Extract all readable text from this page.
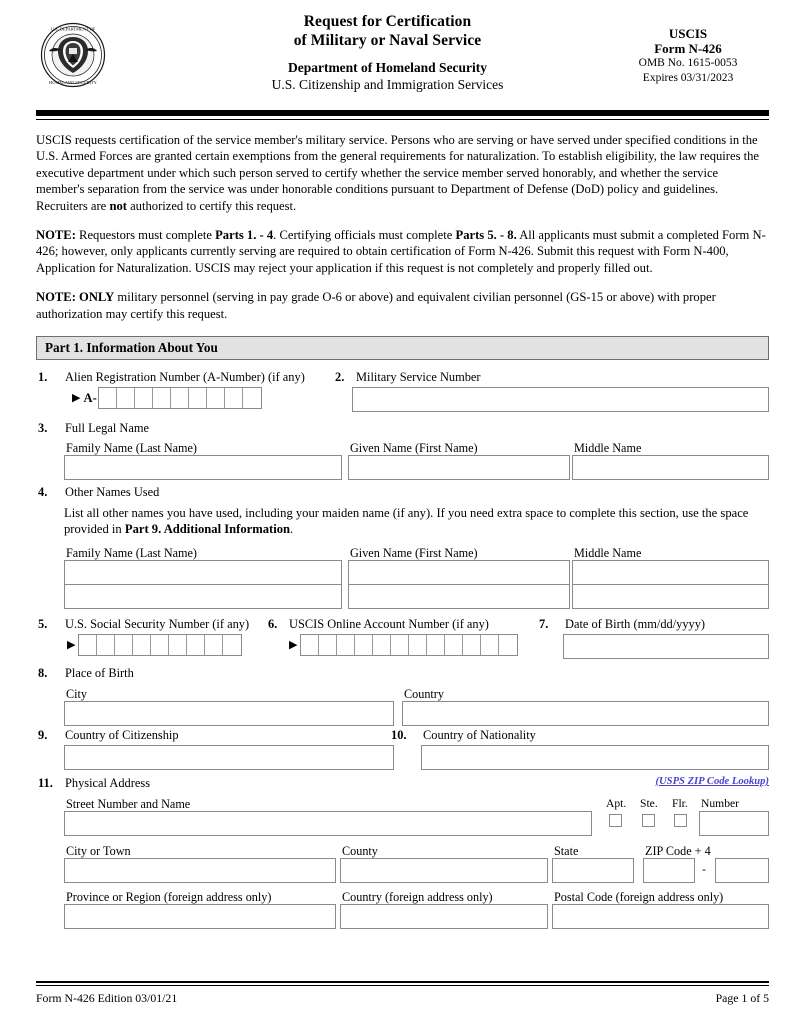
U.S. DEPARTMENT OF
HOMELAND SECURITY
Request for Certification
of Military or Naval Service
Department of Homeland Security
U.S. Citizenship and Immigration Services
USCIS
Form N-426
OMB No. 1615-0053
Expires 03/31/2023
USCIS requests certification of the service member's military service. Persons who are serving or have served under specified conditions in the U.S. Armed Forces are granted certain exemptions from the general requirements for naturalization. To establish eligibility, the law requires the executive department under which such person served to certify whether the service member served honorably, and whether the service member's separation from the service was under honorable conditions pursuant to Department of Defense (DoD) policy and guidelines. Recruiters are not authorized to certify this request.
NOTE: Requestors must complete Parts 1. - 4. Certifying officials must complete Parts 5. - 8. All applicants must submit a completed Form N-426; however, only applicants currently serving are required to obtain certification of Form N-426. Submit this request with Form N-400, Application for Naturalization. USCIS may reject your application if this request is not completely and properly filled out.
NOTE: ONLY military personnel (serving in pay grade O-6 or above) and equivalent civilian personnel (GS-15 or above) with proper authorization may certify this request.
Part 1. Information About You
1. Alien Registration Number (A-Number) (if any)
▶ A-
2. Military Service Number
3. Full Legal Name
Family Name (Last Name)	Given Name (First Name)	Middle Name
4. Other Names Used
List all other names you have used, including your maiden name (if any). If you need extra space to complete this section, use the space provided in Part 9. Additional Information.
Family Name (Last Name)	Given Name (First Name)	Middle Name
5. U.S. Social Security Number (if any)
▶
6. USCIS Online Account Number (if any)
▶
7. Date of Birth (mm/dd/yyyy)
8. Place of Birth
City	Country
9. Country of Citizenship	10. Country of Nationality
11. Physical Address	(USPS ZIP Code Lookup)
Street Number and Name	Apt. Ste. Flr. Number
City or Town	County	State	ZIP Code + 4
-
Province or Region (foreign address only)	Country (foreign address only)	Postal Code (foreign address only)
Form N-426 Edition 03/01/21	Page 1 of 5
